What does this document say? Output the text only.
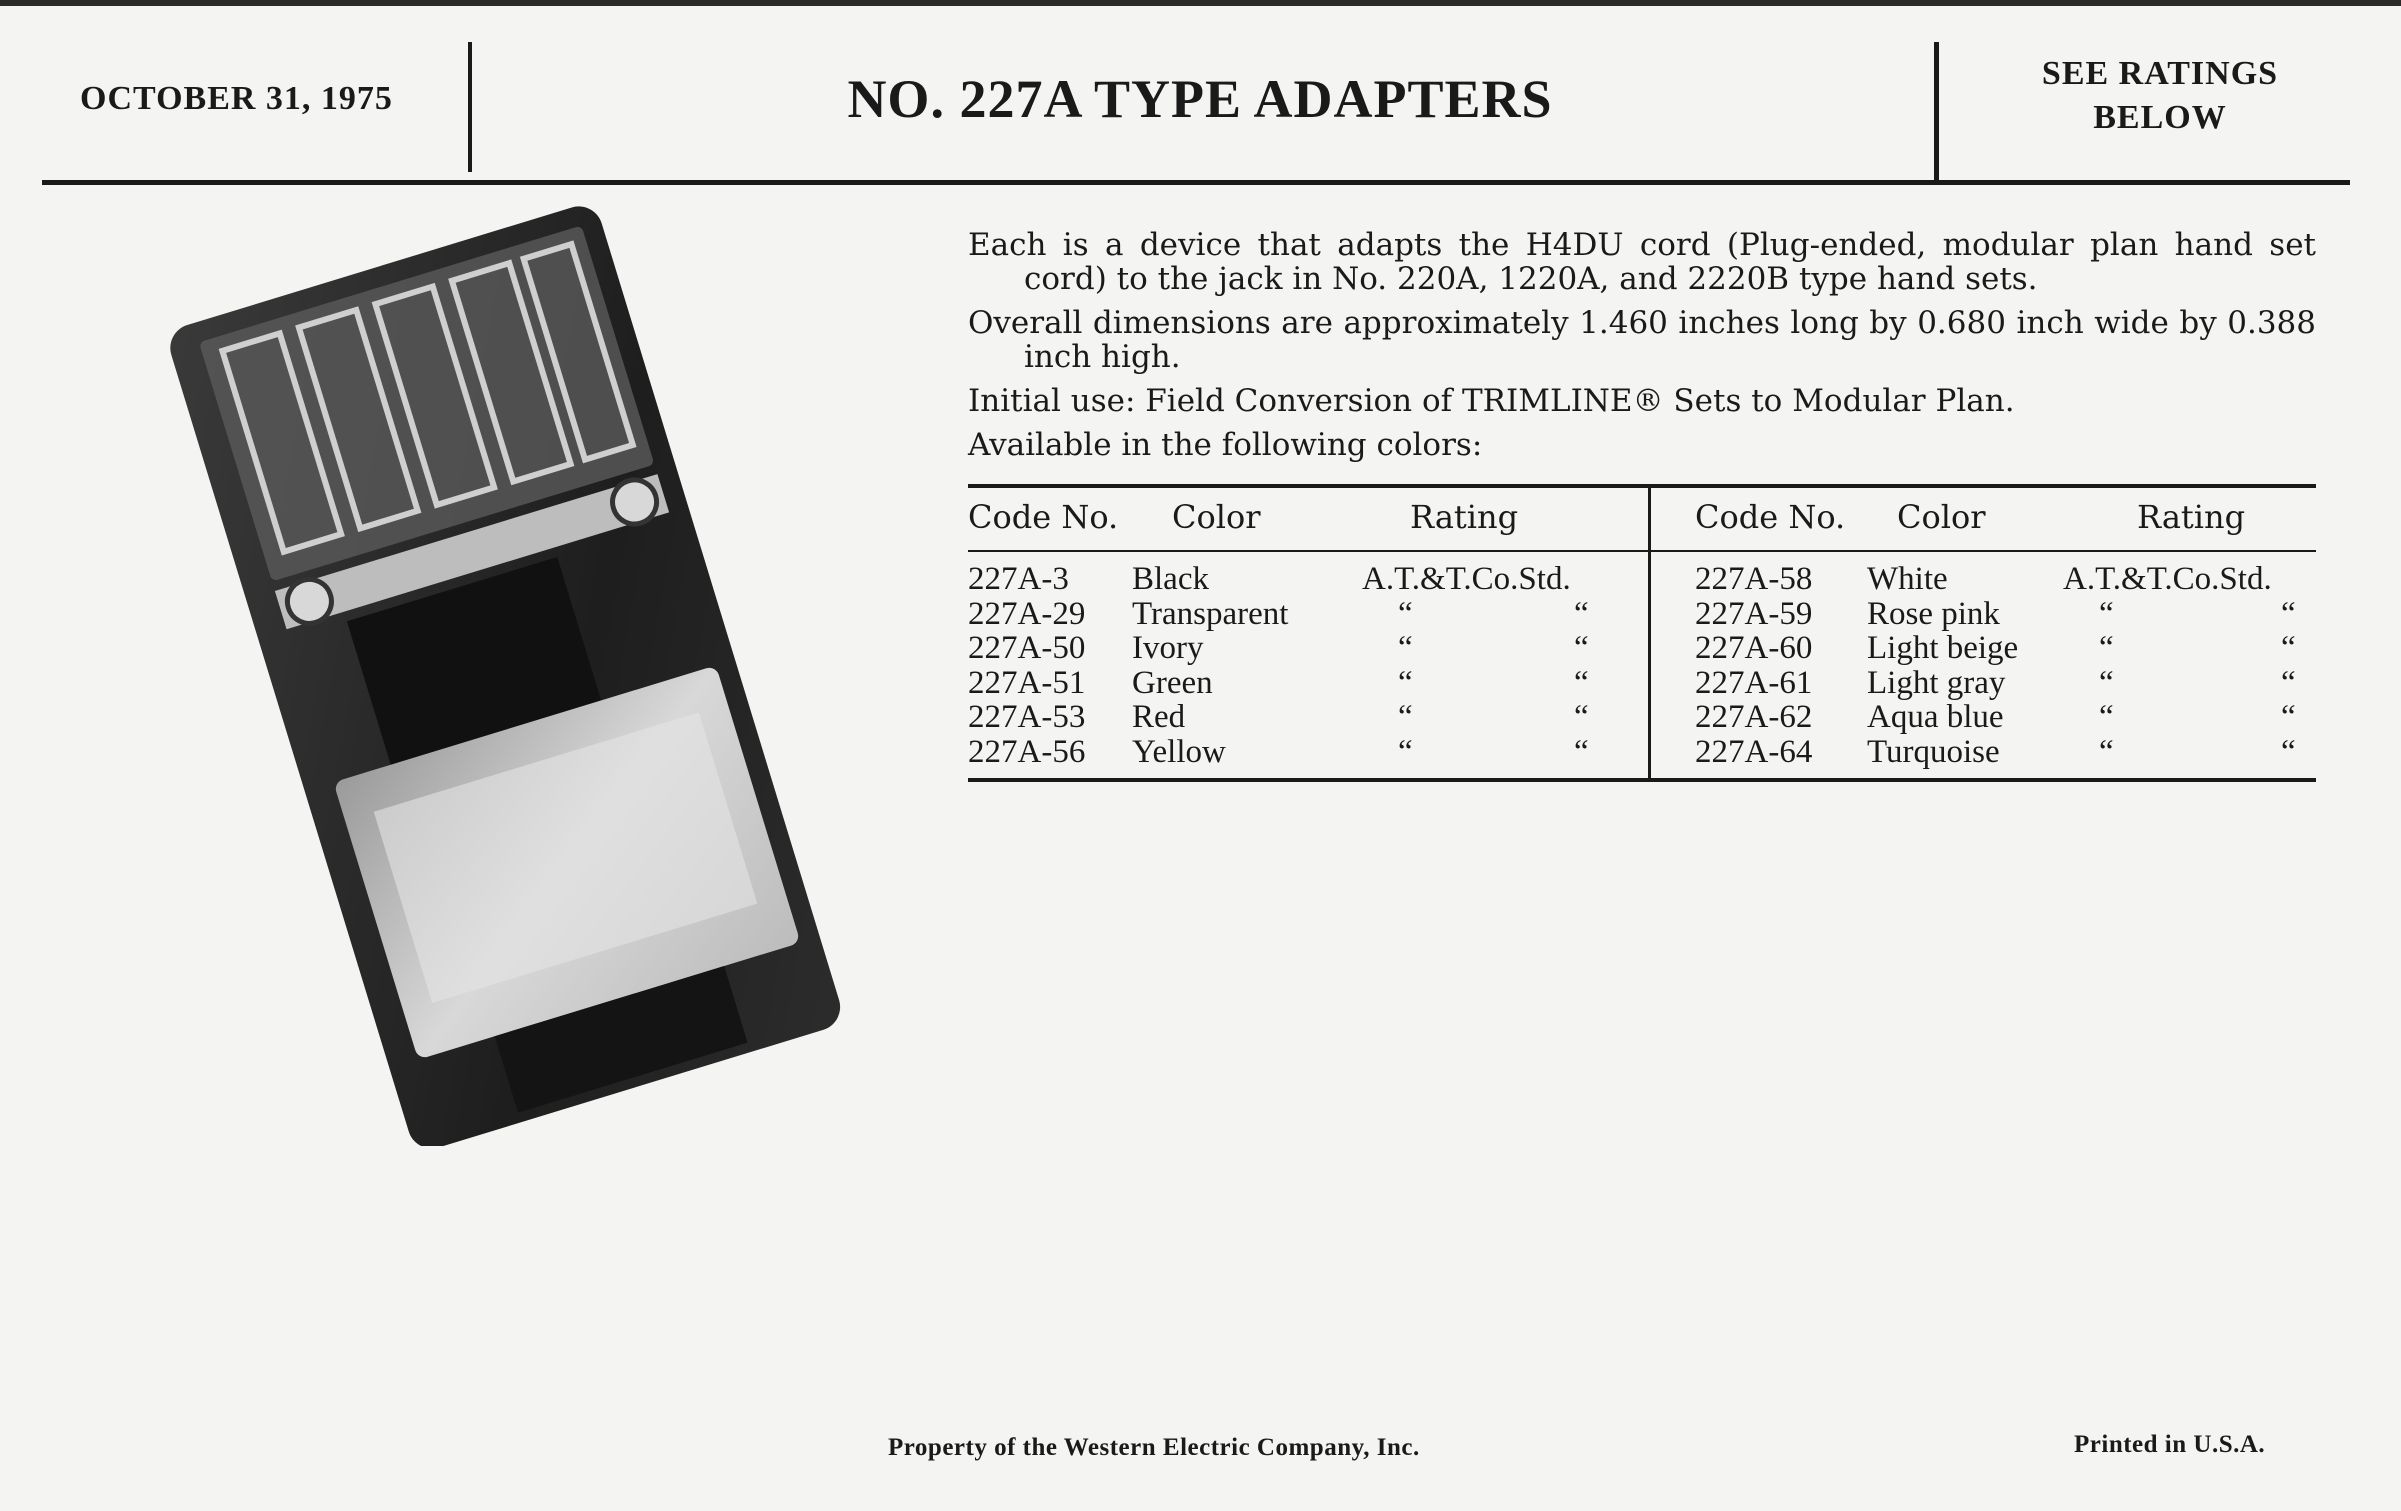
OCTOBER 31, 1975	NO. 227A TYPE ADAPTERS	SEE RATINGS
BELOW

Each is a device that adapts the H4DU cord (Plug-ended, modular plan hand set cord) to the jack in No. 220A, 1220A, and 2220B type hand sets.

Overall dimensions are approximately 1.460 inches long by 0.680 inch wide by 0.388 inch high.

Initial use: Field Conversion of TRIMLINE® Sets to Modular Plan.

Available in the following colors:

Code No. Color	Rating
227A-3 Black	A.T.&T.Co.Std.
227A-29 Transparent	“	“
227A-50 Ivory	“	“
227A-51 Green	“	“
227A-53 Red	“	“
227A-56 Yellow	“	“
Code No. Color	Rating
227A-58 White	A.T.&T.Co.Std.
227A-59 Rose pink	“	“
227A-60 Light beige “	“
227A-61 Light gray	“	“
227A-62 Aqua blue	“	“
227A-64 Turquoise	“	“
Property of the Western Electric Company, Inc.	Printed in U.S.A.
